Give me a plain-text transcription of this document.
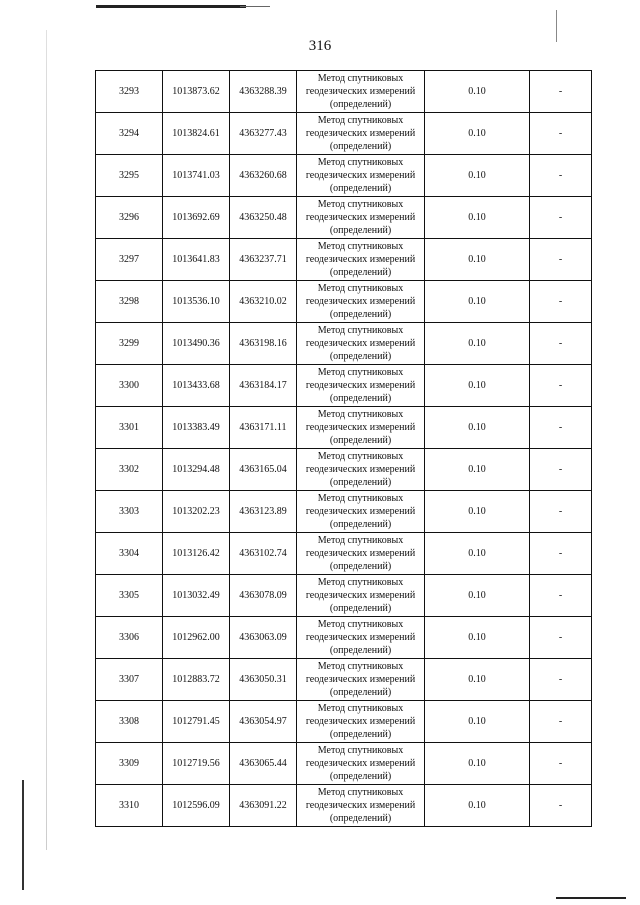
316
3293	1013873.62	4363288.39	Метод спутниковых
геодезических измерений
(определений)	0.10	-
3294	1013824.61	4363277.43	Метод спутниковых
геодезических измерений
(определений)	0.10	-
3295	1013741.03	4363260.68	Метод спутниковых
геодезических измерений
(определений)	0.10	-
3296	1013692.69	4363250.48	Метод спутниковых
геодезических измерений
(определений)	0.10	-
3297	1013641.83	4363237.71	Метод спутниковых
геодезических измерений
(определений)	0.10	-
3298	1013536.10	4363210.02	Метод спутниковых
геодезических измерений
(определений)	0.10	-
3299	1013490.36	4363198.16	Метод спутниковых
геодезических измерений
(определений)	0.10	-
3300	1013433.68	4363184.17	Метод спутниковых
геодезических измерений
(определений)	0.10	-
3301	1013383.49	4363171.11	Метод спутниковых
геодезических измерений
(определений)	0.10	-
3302	1013294.48	4363165.04	Метод спутниковых
геодезических измерений
(определений)	0.10	-
3303	1013202.23	4363123.89	Метод спутниковых
геодезических измерений
(определений)	0.10	-
3304	1013126.42	4363102.74	Метод спутниковых
геодезических измерений
(определений)	0.10	-
3305	1013032.49	4363078.09	Метод спутниковых
геодезических измерений
(определений)	0.10	-
3306	1012962.00	4363063.09	Метод спутниковых
геодезических измерений
(определений)	0.10	-
3307	1012883.72	4363050.31	Метод спутниковых
геодезических измерений
(определений)	0.10	-
3308	1012791.45	4363054.97	Метод спутниковых
геодезических измерений
(определений)	0.10	-
3309	1012719.56	4363065.44	Метод спутниковых
геодезических измерений
(определений)	0.10	-
3310	1012596.09	4363091.22	Метод спутниковых
геодезических измерений
(определений)	0.10	-
